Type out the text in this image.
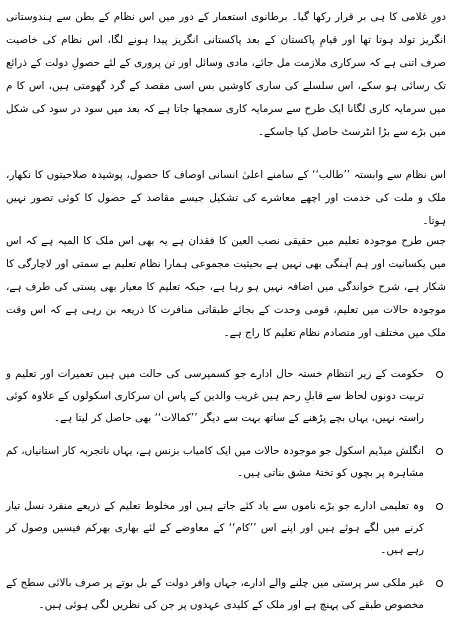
دورِ غلامی کا ہی بر قرار رکھا گیا۔ برطانوی استعمار کے دور میں اس نظام کے بطن سے ہندوستانی انگریز تولد ہوتا تھا اور قیامِ پاکستان کے بعد پاکستانی انگریز پیدا ہونے لگا، اس نظام کی خاصیت صرف اتنی ہے کہ سرکاری ملازمت مل جائے، مادی وسائل اور تن پروری کے لئے حصولِ دولت کے ذرائع تک رسائی ہو سکے، اس سلسلے کی ساری کاوشیں بس اسی مقصد کے گرد گھومتی ہیں، اس کا م میں سرمایہ کاری لگانا ایک طرح سے سرمایہ کاری سمجھا جاتا ہے کہ بعد میں سود در سود کی شکل میں بڑے سے بڑا انٹرسٹ حاصل کیا جاسکے۔

اس نظام سے وابستہ ’’طالب‘‘ کے سامنے اعلیٰ انسانی اوصاف کا حصول، پوشیدہ صلاحیتوں کا نکھار، ملک و ملت کی خدمت اور اچھے معاشرے کی تشکیل جیسے مقاصد کے حصول کا کوئی تصور نہیں ہوتا۔

جس طرح موجودہ تعلیم میں حقیقی نصب العین کا فقدان ہے یہ بھی اس ملک کا المیہ ہے کہ اس میں یکسانیت اور ہم آہنگی بھی نہیں ہے بحیثیت مجموعی ہمارا نظام تعلیم بے سمتی اور لاچارگی کا شکار ہے، شرح خواندگی میں اضافہ نہیں ہو رہا ہے، جبکہ تعلیم کا معیار بھی پستی کی طرف ہے، موجودہ حالات میں تعلیم، قومی وحدت کے بجائے طبقاتی منافرت کا ذریعہ بن رہی ہے کہ اس وقت ملک میں مختلف اور متصادم نظام تعلیم کا راج ہے۔

حکومت کے زیر انتظام خستہ حال ادارے جو کسمپرسی کی حالت میں ہیں تعمیرات اور تعلیم و تربیت دونوں لحاظ سے قابلِ رحم ہیں غریب والدین کے پاس ان سرکاری اسکولوں کے علاوہ کوئی راستہ نہیں، یہاں بچے پڑھنے کے ساتھ بہت سے دیگر ’’کمالات‘‘ بھی حاصل کر لیتا ہے۔

انگلش میڈیم اسکول جو موجودہ حالات میں ایک کامیاب بزنس ہے، یہاں ناتجربہ کار استانیاں، کم مشاہرہ پر بچوں کو تختۂ مشق بناتی ہیں۔

وہ تعلیمی ادارے جو بڑے ناموں سے یاد کئے جاتے ہیں اور مخلوط تعلیم کے ذریعے منفرد نسل تیار کرنے میں لگے ہوئے ہیں اور اپنے اس ’’کام‘‘ کے معاوضے کے لئے بھاری بھرکم فیسیں وصول کر رہے ہیں۔

غیر ملکی سر پرستی میں چلنے والے ادارے، جہاں وافر دولت کے بل بوتے پر صرف بالائی سطح کے مخصوص طبقے کی پہنچ ہے اور ملک کے کلیدی عہدوں پر جن کی نظریں لگی ہوئی ہیں۔
